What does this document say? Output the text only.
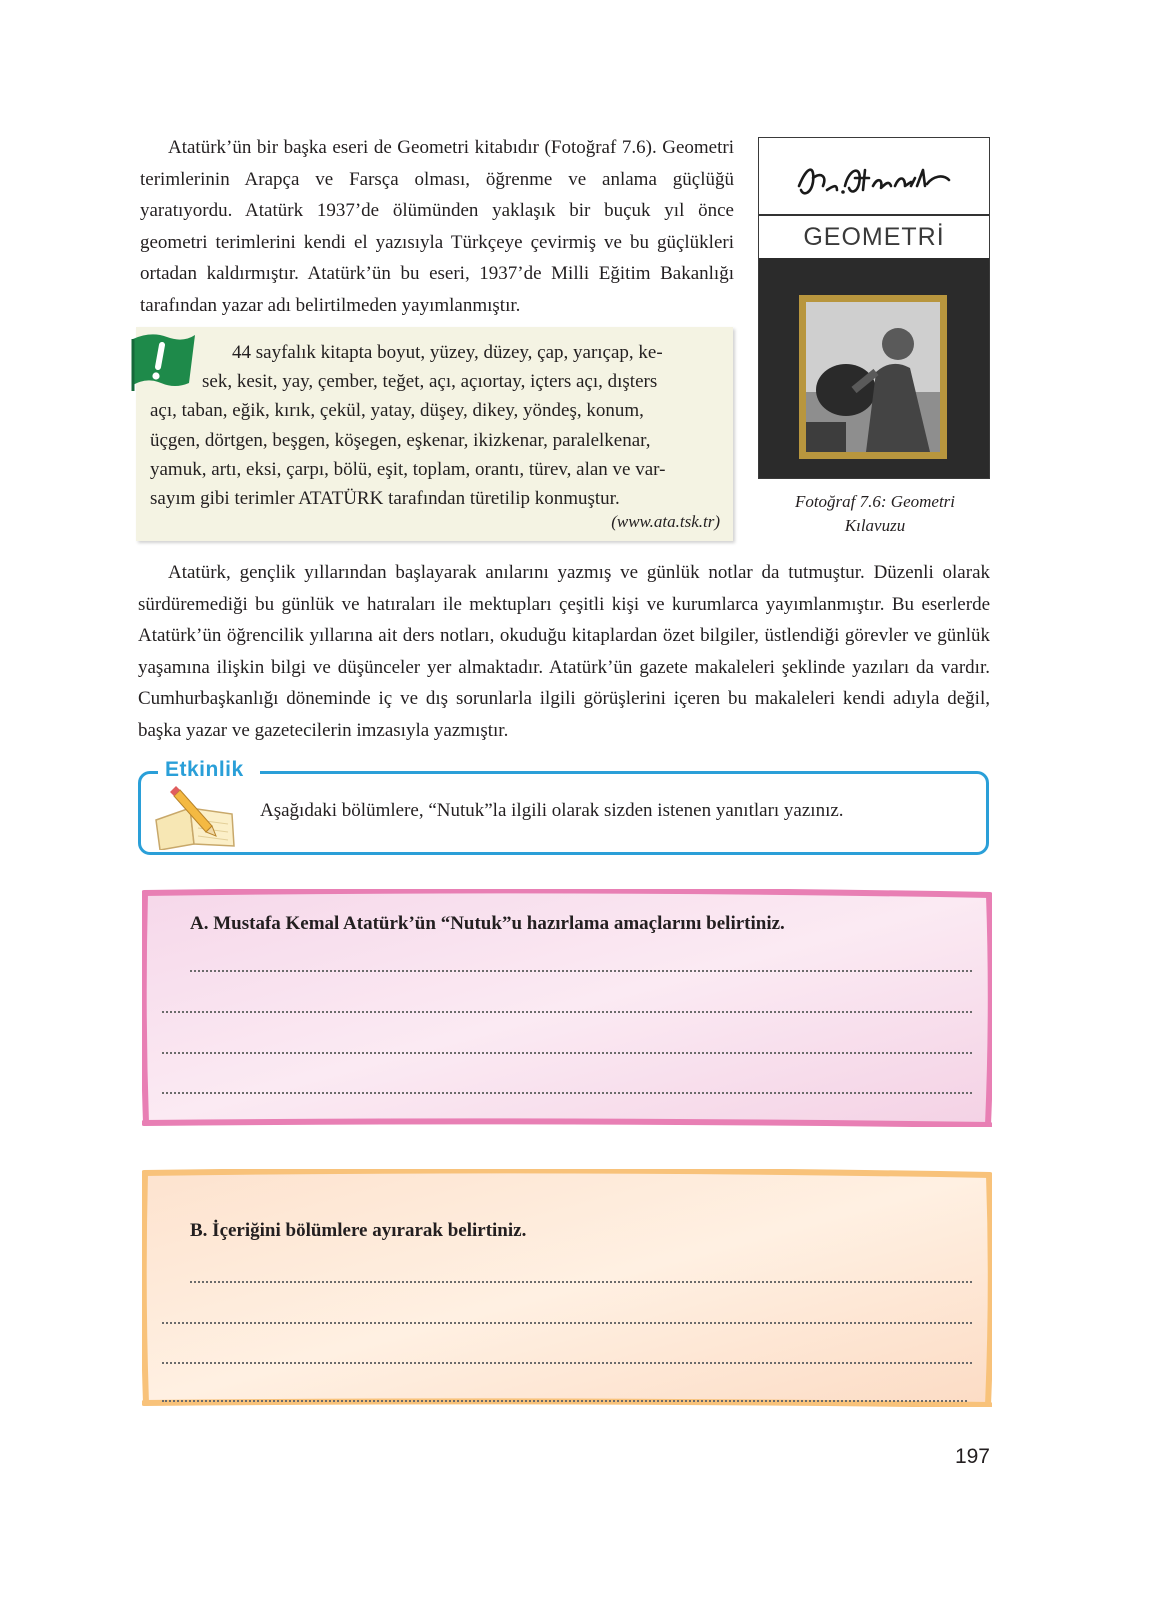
Atatürk’ün bir başka eseri de Geometri kitabıdır (Fotoğraf 7.6). Geometri terimlerinin Arapça ve Farsça olması, öğrenme ve anlama güçlüğü yaratıyordu. Atatürk 1937’de ölümünden yaklaşık bir buçuk yıl önce geometri terimlerini kendi el yazısıyla Türkçeye çevirmiş ve bu güçlükleri ortadan kaldırmıştır. Atatürk’ün bu eseri, 1937’de Milli Eğitim Bakanlığı tarafından yazar adı belirtilmeden yayımlanmıştır.

GEOMETRİ

Fotoğraf 7.6: Geometri Kılavuzu

44 sayfalık kitapta boyut, yüzey, düzey, çap, yarıçap, ke-
sek, kesit, yay, çember, teğet, açı, açıortay, içters açı, dışters
açı, taban, eğik, kırık, çekül, yatay, düşey, dikey, yöndeş, konum,
üçgen, dörtgen, beşgen, köşegen, eşkenar, ikizkenar, paralelkenar,
yamuk, artı, eksi, çarpı, bölü, eşit, toplam, orantı, türev, alan ve var-
sayım gibi terimler ATATÜRK tarafından türetilip konmuştur.

(www.ata.tsk.tr)

Atatürk, gençlik yıllarından başlayarak anılarını yazmış ve günlük notlar da tutmuştur. Düzenli olarak sürdüremediği bu günlük ve hatıraları ile mektupları çeşitli kişi ve kurumlarca yayımlanmıştır. Bu eserlerde Atatürk’ün öğrencilik yıllarına ait ders notları, okuduğu kitaplardan özet bilgiler, üstlendiği görevler ve günlük yaşamına ilişkin bilgi ve düşünceler yer almaktadır. Atatürk’ün gazete makaleleri şeklinde yazıları da vardır. Cumhurbaşkanlığı döneminde iç ve dış sorunlarla ilgili görüşlerini içeren bu makaleleri kendi adıyla değil, başka yazar ve gazetecilerin imzasıyla yazmıştır.

Etkinlik

Aşağıdaki bölümlere, “Nutuk”la ilgili olarak sizden istenen yanıtları yazınız.

A. Mustafa Kemal Atatürk’ün “Nutuk”u hazırlama amaçlarını belirtiniz.

B. İçeriğini bölümlere ayırarak belirtiniz.

197
